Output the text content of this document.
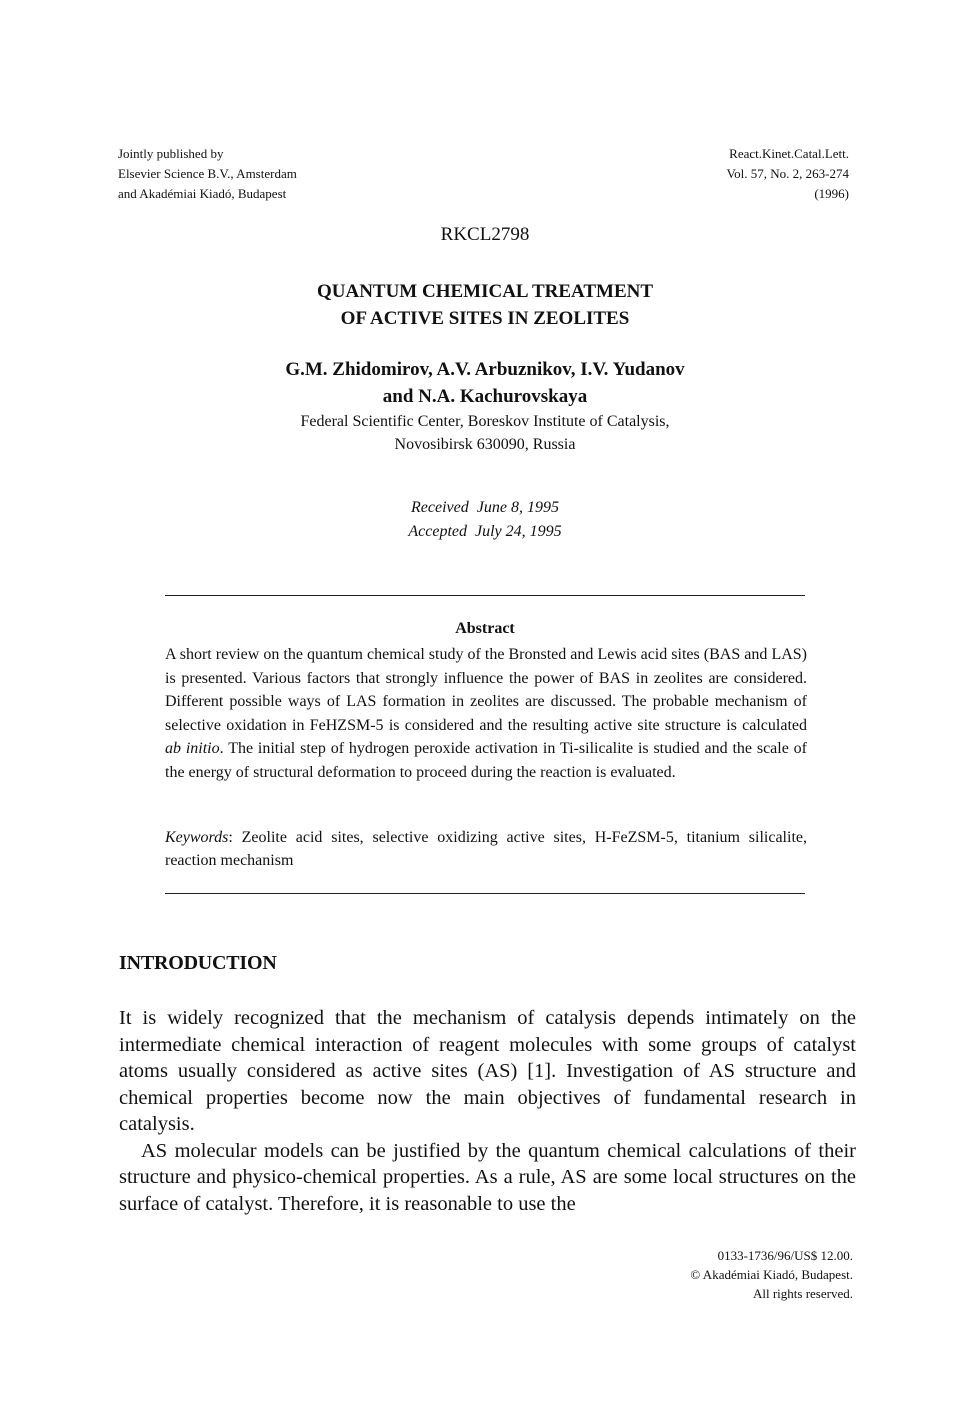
Jointly published by
Elsevier Science B.V., Amsterdam
and Akadémiai Kiadó, Budapest
React.Kinet.Catal.Lett.
Vol. 57, No. 2, 263-274
(1996)
RKCL2798
QUANTUM CHEMICAL TREATMENT
OF ACTIVE SITES IN ZEOLITES
G.M. Zhidomirov, A.V. Arbuznikov, I.V. Yudanov
and N.A. Kachurovskaya
Federal Scientific Center, Boreskov Institute of Catalysis,
Novosibirsk 630090, Russia
Received  June 8, 1995
Accepted  July 24, 1995
Abstract

A short review on the quantum chemical study of the Bronsted and Lewis acid sites (BAS and LAS) is presented. Various factors that strongly influence the power of BAS in zeolites are considered. Different possible ways of LAS formation in zeolites are discussed. The probable mechanism of selective oxidation in FeHZSM-5 is considered and the resulting active site structure is calculated ab initio. The initial step of hydrogen peroxide activation in Ti-silicalite is studied and the scale of the energy of structural deformation to proceed during the reaction is evaluated.

Keywords: Zeolite acid sites, selective oxidizing active sites, H-FeZSM-5, titanium silicalite, reaction mechanism
INTRODUCTION

It is widely recognized that the mechanism of catalysis depends intimately on the intermediate chemical interaction of reagent molecules with some groups of catalyst atoms usually considered as active sites (AS) [1]. Investigation of AS structure and chemical properties become now the main objectives of fundamental research in catalysis.

AS molecular models can be justified by the quantum chemical calculations of their structure and physico-chemical properties. As a rule, AS are some local structures on the surface of catalyst. Therefore, it is reasonable to use the

0133-1736/96/US$ 12.00.
© Akadémiai Kiadó, Budapest.
All rights reserved.
